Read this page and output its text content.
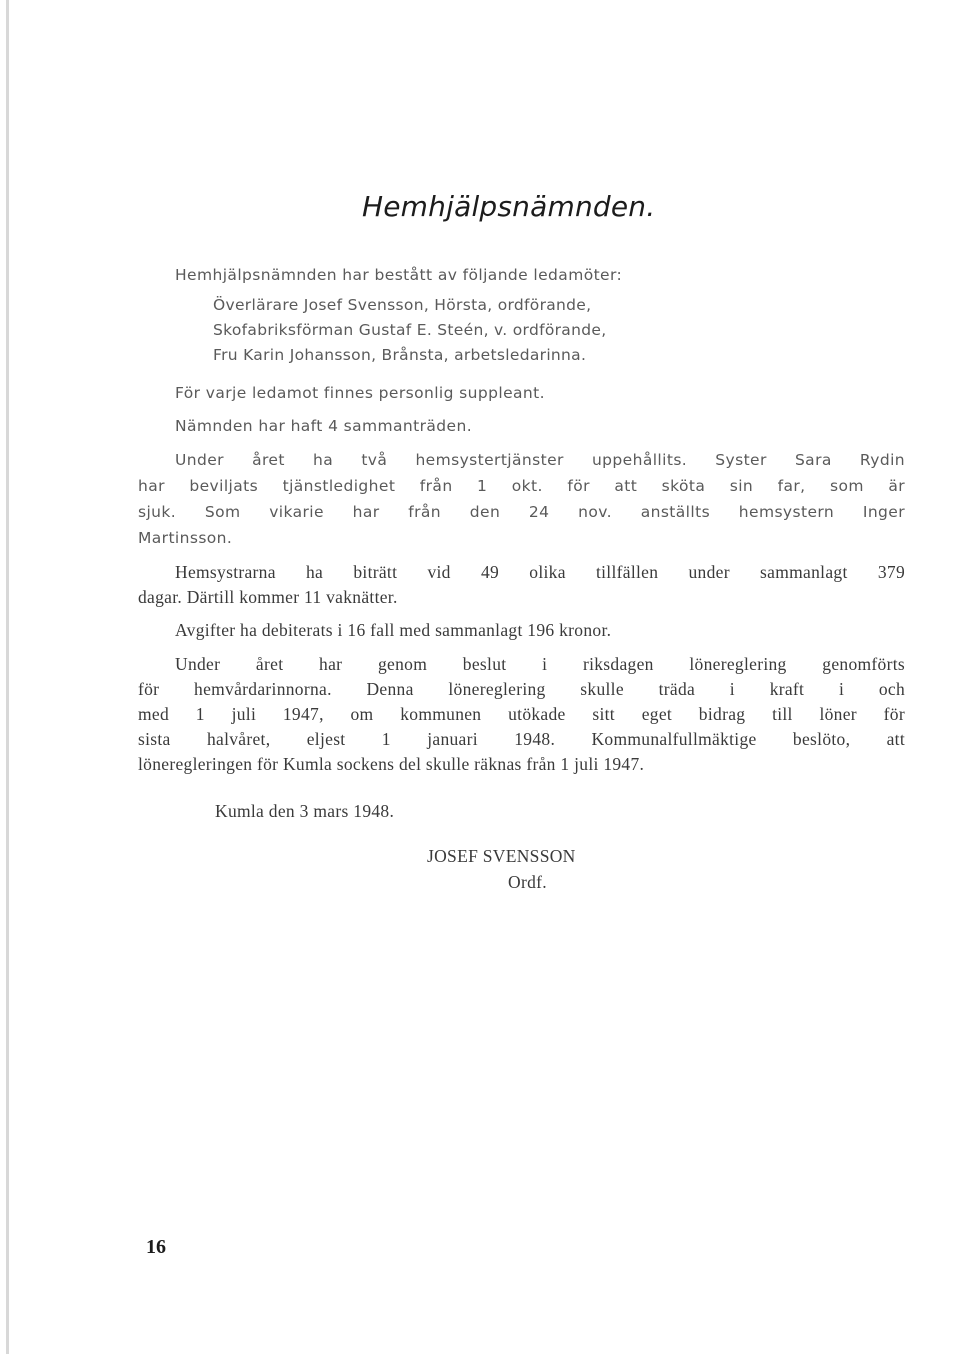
Hemhjälpsnämnden.
Hemhjälpsnämnden har bestått av följande ledamöter:
Överlärare Josef Svensson, Hörsta, ordförande,
Skofabriksförman Gustaf E. Steén, v. ordförande,
Fru Karin Johansson, Brånsta, arbetsledarinna.
För varje ledamot finnes personlig suppleant.
Nämnden har haft 4 sammanträden.
Under året ha två hemsystertjänster uppehållits. Syster Sara Rydin
har beviljats tjänstledighet från 1 okt. för att sköta sin far, som är
sjuk. Som vikarie har från den 24 nov. anställts hemsystern Inger
Martinsson.
Hemsystrarna ha biträtt vid 49 olika tillfällen under sammanlagt 379
dagar. Därtill kommer 11 vaknätter.
Avgifter ha debiterats i 16 fall med sammanlagt 196 kronor.
Under året har genom beslut i riksdagen lönereglering genomförts
för hemvårdarinnorna. Denna lönereglering skulle träda i kraft i och
med 1 juli 1947, om kommunen utökade sitt eget bidrag till löner för
sista halvåret, eljest 1 januari 1948. Kommunalfullmäktige beslöto, att
löneregleringen för Kumla sockens del skulle räknas från 1 juli 1947.
Kumla den 3 mars 1948.
JOSEF SVENSSON
Ordf.
16
